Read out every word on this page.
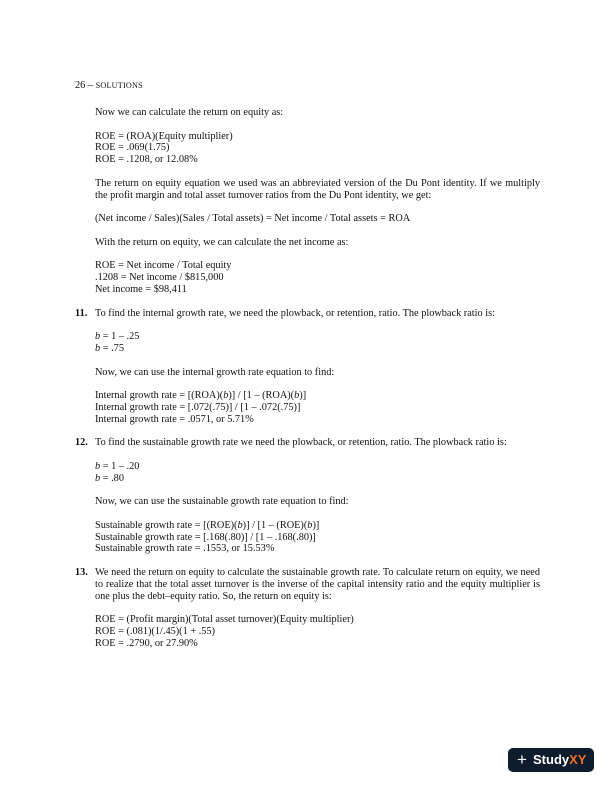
26 – SOLUTIONS

Now we can calculate the return on equity as:

ROE = (ROA)(Equity multiplier)
ROE = .069(1.75)
ROE = .1208, or 12.08%

The return on equity equation we used was an abbreviated version of the Du Pont identity. If we multiply the profit margin and total asset turnover ratios from the Du Pont identity, we get:

(Net income / Sales)(Sales / Total assets) = Net income / Total assets = ROA

With the return on equity, we can calculate the net income as:

ROE = Net income / Total equity
.1208 = Net income / $815,000
Net income = $98,411

11. To find the internal growth rate, we need the plowback, or retention, ratio. The plowback ratio is:

b = 1 – .25
b = .75

Now, we can use the internal growth rate equation to find:

Internal growth rate = [(ROA)(b)] / [1 – (ROA)(b)]
Internal growth rate = [.072(.75)] / [1 – .072(.75)]
Internal growth rate = .0571, or 5.71%

12. To find the sustainable growth rate we need the plowback, or retention, ratio. The plowback ratio is:

b = 1 – .20
b = .80

Now, we can use the sustainable growth rate equation to find:

Sustainable growth rate = [(ROE)(b)] / [1 – (ROE)(b)]
Sustainable growth rate = [.168(.80)] / [1 – .168(.80)]
Sustainable growth rate = .1553, or 15.53%

13. We need the return on equity to calculate the sustainable growth rate. To calculate return on equity, we need to realize that the total asset turnover is the inverse of the capital intensity ratio and the equity multiplier is one plus the debt–equity ratio. So, the return on equity is:

ROE = (Profit margin)(Total asset turnover)(Equity multiplier)
ROE = (.081)(1/.45)(1 + .55)
ROE = .2790, or 27.90%

+ Study XY
